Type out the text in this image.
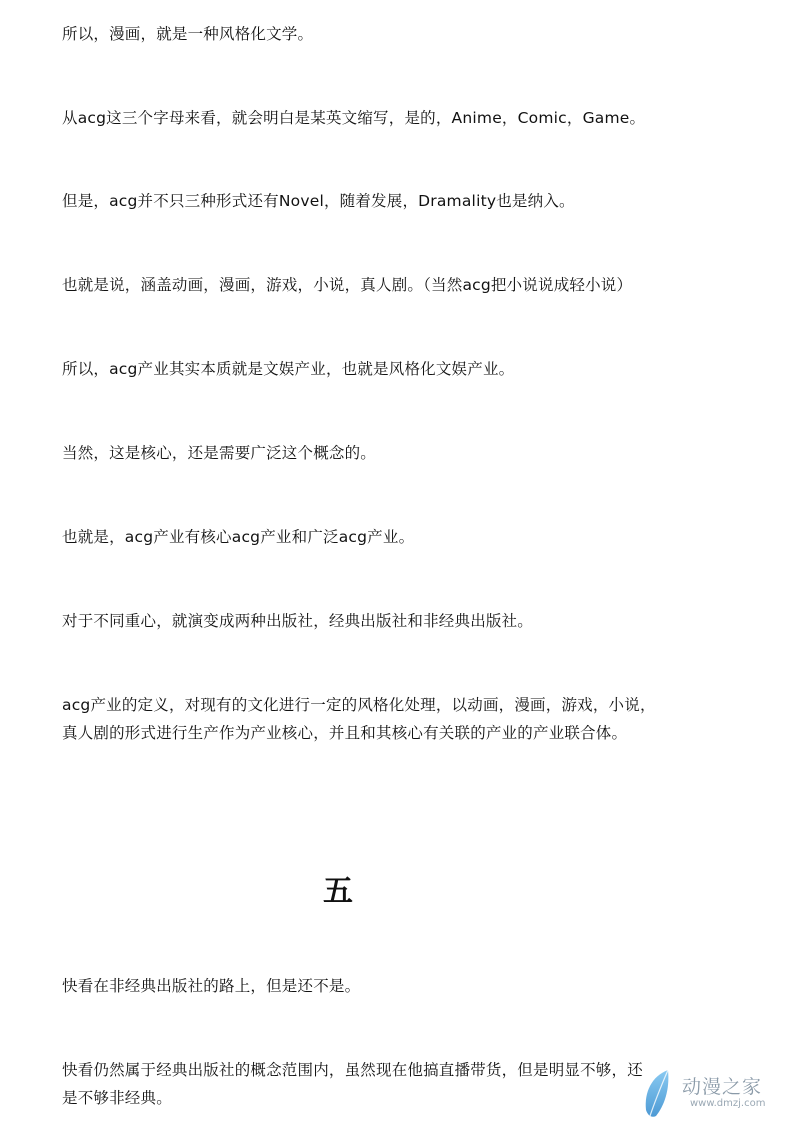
所以，漫画，就是一种风格化文学。
从acg这三个字母来看，就会明白是某英文缩写，是的，Anime，Comic，Game。
但是，acg并不只三种形式还有Novel，随着发展，Dramality也是纳入。
也就是说，涵盖动画，漫画，游戏，小说，真人剧。（当然acg把小说说成轻小说）
所以，acg产业其实本质就是文娱产业，也就是风格化文娱产业。
当然，这是核心，还是需要广泛这个概念的。
也就是，acg产业有核心acg产业和广泛acg产业。
对于不同重心，就演变成两种出版社，经典出版社和非经典出版社。
acg产业的定义，对现有的文化进行一定的风格化处理，以动画，漫画，游戏，小说，
真人剧的形式进行生产作为产业核心，并且和其核心有关联的产业的产业联合体。
五
快看在非经典出版社的路上，但是还不是。
快看仍然属于经典出版社的概念范围内，虽然现在他搞直播带货，但是明显不够，还
是不够非经典。	动漫之家
www.dmzj.com
